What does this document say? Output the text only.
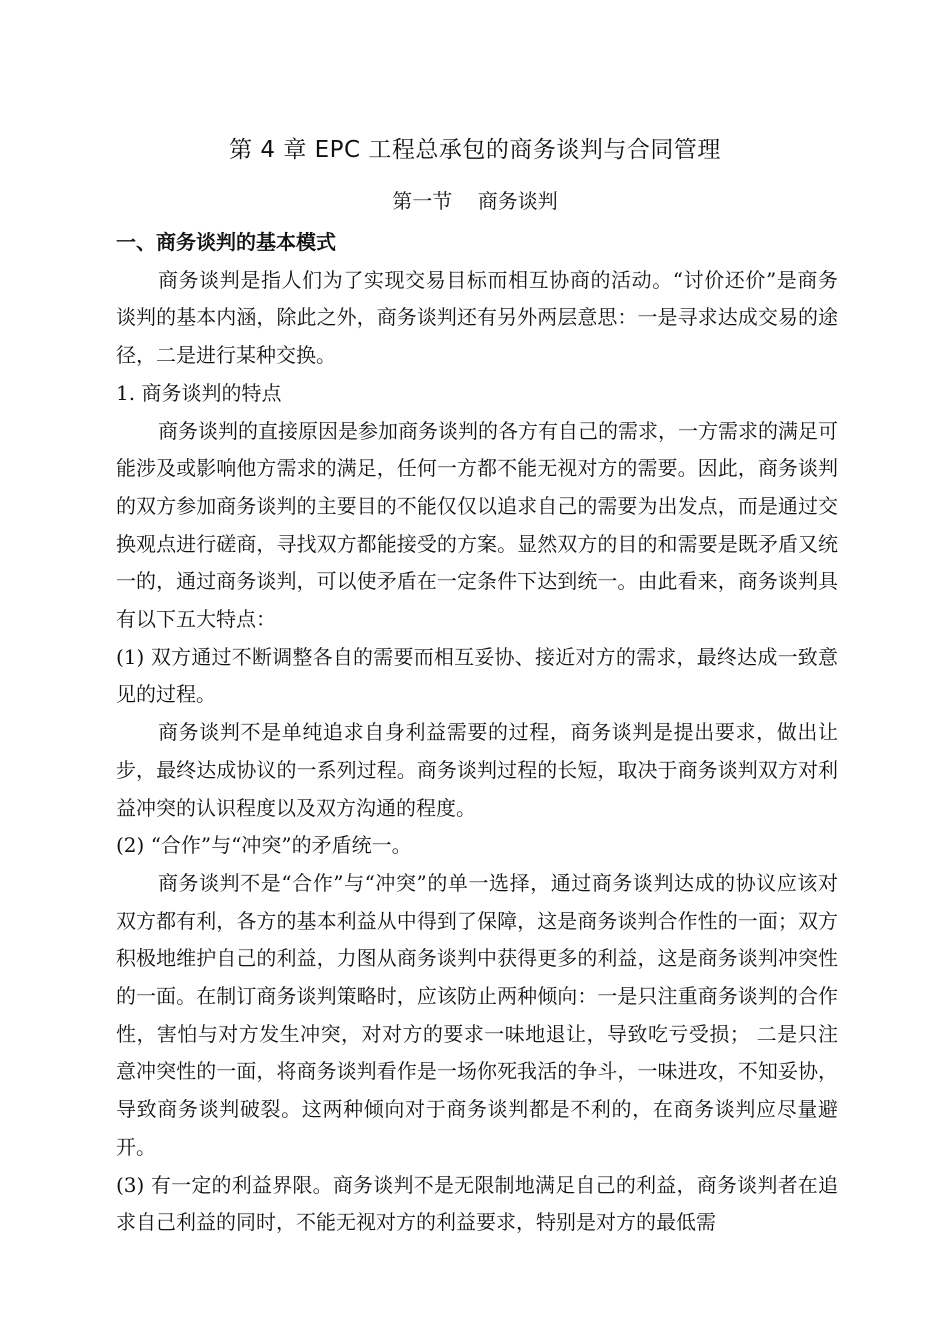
第 4 章 EPC 工程总承包的商务谈判与合同管理
第一节    商务谈判

一、商务谈判的基本模式

商务谈判是指人们为了实现交易目标而相互协商的活动。“讨价还价”是商务谈判的基本内涵，除此之外，商务谈判还有另外两层意思：一是寻求达成交易的途径，二是进行某种交换。

1. 商务谈判的特点

商务谈判的直接原因是参加商务谈判的各方有自己的需求，一方需求的满足可能涉及或影响他方需求的满足，任何一方都不能无视对方的需要。因此，商务谈判的双方参加商务谈判的主要目的不能仅仅以追求自己的需要为出发点，而是通过交换观点进行磋商，寻找双方都能接受的方案。显然双方的目的和需要是既矛盾又统一的，通过商务谈判，可以使矛盾在一定条件下达到统一。由此看来，商务谈判具有以下五大特点：

(1) 双方通过不断调整各自的需要而相互妥协、接近对方的需求，最终达成一致意见的过程。

商务谈判不是单纯追求自身利益需要的过程，商务谈判是提出要求，做出让步，最终达成协议的一系列过程。商务谈判过程的长短，取决于商务谈判双方对利益冲突的认识程度以及双方沟通的程度。

(2) “合作”与“冲突”的矛盾统一。

商务谈判不是“合作”与“冲突”的单一选择，通过商务谈判达成的协议应该对双方都有利，各方的基本利益从中得到了保障，这是商务谈判合作性的一面；双方积极地维护自己的利益，力图从商务谈判中获得更多的利益，这是商务谈判冲突性的一面。在制订商务谈判策略时，应该防止两种倾向：一是只注重商务谈判的合作性，害怕与对方发生冲突，对对方的要求一味地退让，导致吃亏受损； 二是只注意冲突性的一面，将商务谈判看作是一场你死我活的争斗，一味进攻，不知妥协，导致商务谈判破裂。这两种倾向对于商务谈判都是不利的，在商务谈判应尽量避开。

(3) 有一定的利益界限。商务谈判不是无限制地满足自己的利益，商务谈判者在追求自己利益的同时，不能无视对方的利益要求，特别是对方的最低需
